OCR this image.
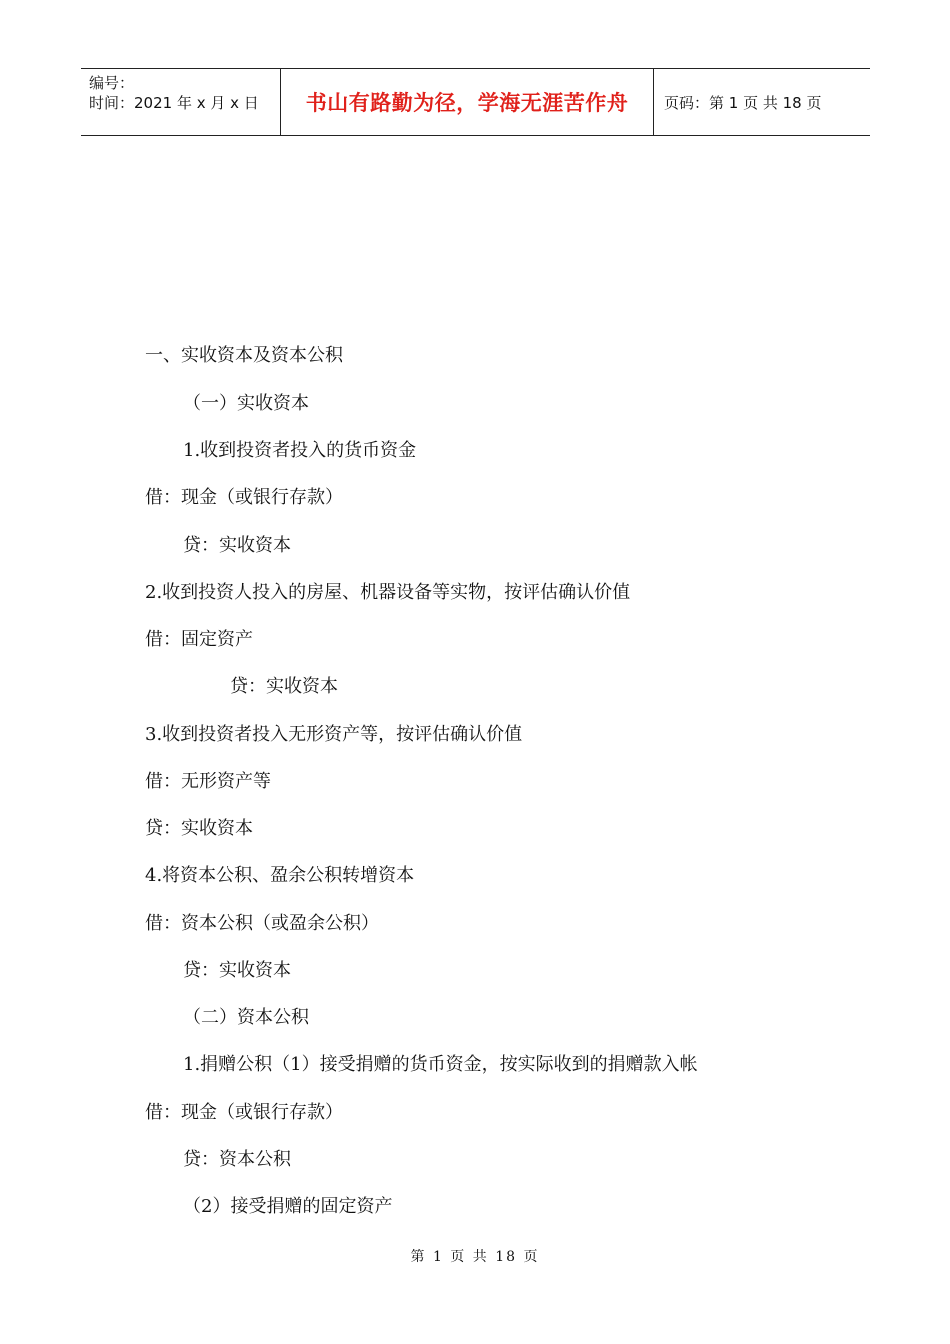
编号：
时间：2021 年 x 月 x 日	书山有路勤为径，学海无涯苦作舟	页码：第 1 页 共 18 页
一、实收资本及资本公积
（一）实收资本
1.收到投资者投入的货币资金
借：现金（或银行存款）
贷：实收资本
2.收到投资人投入的房屋、机器设备等实物，按评估确认价值
借：固定资产
贷：实收资本
3.收到投资者投入无形资产等，按评估确认价值
借：无形资产等
贷：实收资本
4.将资本公积、盈余公积转增资本
借：资本公积（或盈余公积）
贷：实收资本
（二）资本公积
1.捐赠公积（1）接受捐赠的货币资金，按实际收到的捐赠款入帐
借：现金（或银行存款）
贷：资本公积
（2）接受捐赠的固定资产
第 1 页 共 18 页
